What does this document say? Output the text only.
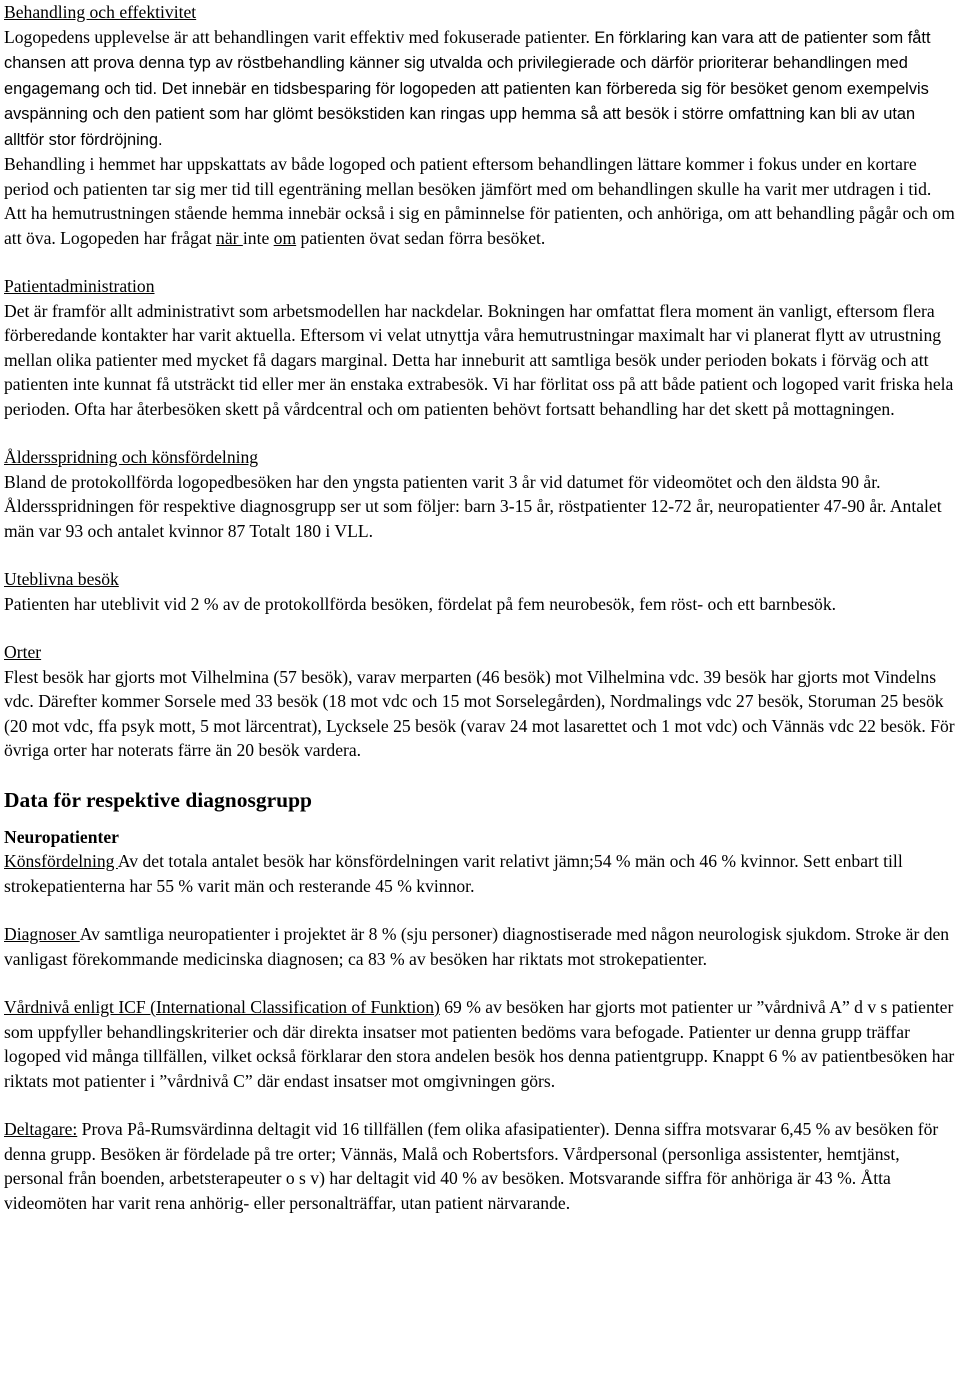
Behandling och effektivitet

Logopedens upplevelse är att behandlingen varit effektiv med fokuserade patienter. En förklaring kan vara att de patienter som fått chansen att prova denna typ av röstbehandling känner sig utvalda och privilegierade och därför prioriterar behandlingen med engagemang och tid. Det innebär en tidsbesparing för logopeden att patienten kan förbereda sig för besöket genom exempelvis avspänning och den patient som har glömt besökstiden kan ringas upp hemma så att besök i större omfattning kan bli av utan alltför stor fördröjning.

Behandling i hemmet har uppskattats av både logoped och patient eftersom behandlingen lättare kommer i fokus under en kortare period och patienten tar sig mer tid till egenträning mellan besöken jämfört med om behandlingen skulle ha varit mer utdragen i tid. Att ha hemutrustningen stående hemma innebär också i sig en påminnelse för patienten, och anhöriga, om att behandling pågår och om att öva. Logopeden har frågat när inte om patienten övat sedan förra besöket.

Patientadministration

Det är framför allt administrativt som arbetsmodellen har nackdelar. Bokningen har omfattat flera moment än vanligt, eftersom flera förberedande kontakter har varit aktuella. Eftersom vi velat utnyttja våra hemutrustningar maximalt har vi planerat flytt av utrustning mellan olika patienter med mycket få dagars marginal. Detta har inneburit att samtliga besök under perioden bokats i förväg och att patienten inte kunnat få utsträckt tid eller mer än enstaka extrabesök. Vi har förlitat oss på att både patient och logoped varit friska hela perioden. Ofta har återbesöken skett på vårdcentral och om patienten behövt fortsatt behandling har det skett på mottagningen.

Åldersspridning och könsfördelning

Bland de protokollförda logopedbesöken har den yngsta patienten varit 3 år vid datumet för videomötet och den äldsta 90 år. Åldersspridningen för respektive diagnosgrupp ser ut som följer: barn 3-15 år, röstpatienter 12-72 år, neuropatienter 47-90 år. Antalet män var 93 och antalet kvinnor 87 Totalt 180 i VLL.

Uteblivna besök

Patienten har uteblivit vid 2 % av de protokollförda besöken, fördelat på fem neurobesök, fem röst- och ett barnbesök.

Orter

Flest besök har gjorts mot Vilhelmina (57 besök), varav merparten (46 besök) mot Vilhelmina vdc. 39 besök har gjorts mot Vindelns vdc. Därefter kommer Sorsele med 33 besök (18 mot vdc och 15 mot Sorselegården), Nordmalings vdc 27 besök, Storuman 25 besök (20 mot vdc, ffa psyk mott, 5 mot lärcentrat), Lycksele 25 besök (varav 24 mot lasarettet och 1 mot vdc) och Vännäs vdc 22 besök. För övriga orter har noterats färre än 20 besök vardera.

Data för respektive diagnosgrupp
Neuropatienter

Könsfördelning Av det totala antalet besök har könsfördelningen varit relativt jämn;54 % män och 46 % kvinnor. Sett enbart till strokepatienterna har 55 % varit män och resterande 45 % kvinnor.

Diagnoser Av samtliga neuropatienter i projektet är 8 % (sju personer) diagnostiserade med någon neurologisk sjukdom. Stroke är den vanligast förekommande medicinska diagnosen; ca 83 % av besöken har riktats mot strokepatienter.

Vårdnivå enligt ICF (International Classification of Funktion) 69 % av besöken har gjorts mot patienter ur ”vårdnivå A” d v s patienter som uppfyller behandlingskriterier och där direkta insatser mot patienten bedöms vara befogade. Patienter ur denna grupp träffar logoped vid många tillfällen, vilket också förklarar den stora andelen besök hos denna patientgrupp. Knappt 6 % av patientbesöken har riktats mot patienter i ”vårdnivå C” där endast insatser mot omgivningen görs.

Deltagare: Prova På-Rumsvärdinna deltagit vid 16 tillfällen (fem olika afasipatienter). Denna siffra motsvarar 6,45 % av besöken för denna grupp. Besöken är fördelade på tre orter; Vännäs, Malå och Robertsfors. Vårdpersonal (personliga assistenter, hemtjänst, personal från boenden, arbetsterapeuter o s v) har deltagit vid 40 % av besöken. Motsvarande siffra för anhöriga är 43 %. Åtta videomöten har varit rena anhörig- eller personalträffar, utan patient närvarande.
